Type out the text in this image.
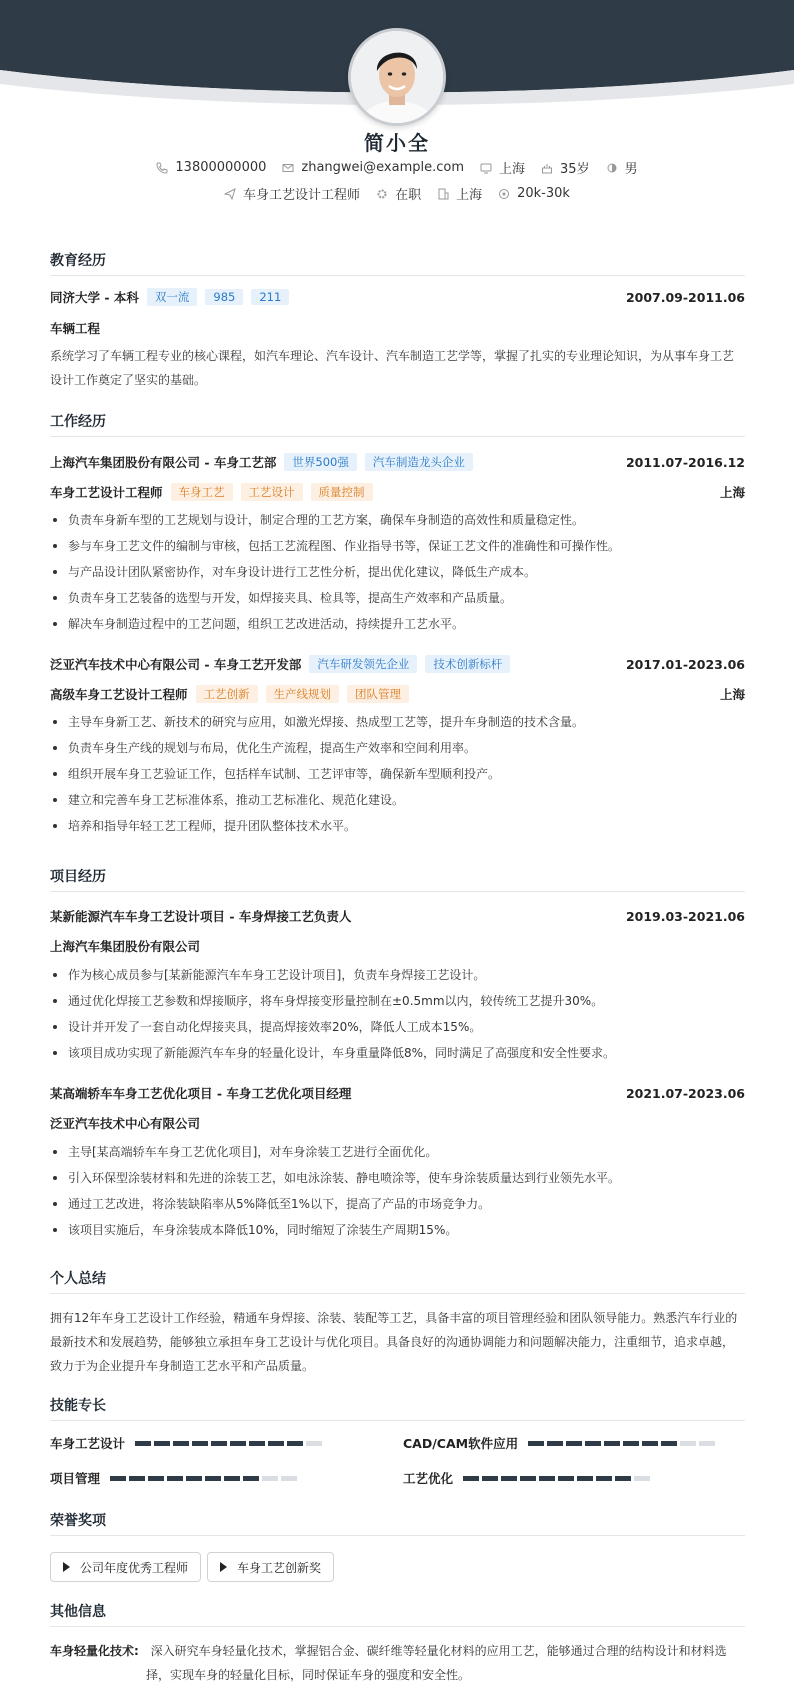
简小全
13800000000	zhangwei@example.com	上海	35岁	男
车身工艺设计工程师	在职	上海	20k-30k
教育经历
同济大学 - 本科	双一流	985	211	2007.09-2011.06
车辆工程
系统学习了车辆工程专业的核心课程，如汽车理论、汽车设计、汽车制造工艺学等，掌握了扎实的专业理论知识，为从事车身工艺设计工作奠定了坚实的基础。
工作经历
上海汽车集团股份有限公司 - 车身工艺部	世界500强	汽车制造龙头企业	2011.07-2016.12
车身工艺设计工程师	车身工艺	工艺设计	质量控制	上海
负责车身新车型的工艺规划与设计，制定合理的工艺方案，确保车身制造的高效性和质量稳定性。
参与车身工艺文件的编制与审核，包括工艺流程图、作业指导书等，保证工艺文件的准确性和可操作性。
与产品设计团队紧密协作，对车身设计进行工艺性分析，提出优化建议，降低生产成本。
负责车身工艺装备的选型与开发，如焊接夹具、检具等，提高生产效率和产品质量。
解决车身制造过程中的工艺问题，组织工艺改进活动，持续提升工艺水平。
泛亚汽车技术中心有限公司 - 车身工艺开发部	汽车研发领先企业	技术创新标杆	2017.01-2023.06
高级车身工艺设计工程师	工艺创新	生产线规划	团队管理	上海
主导车身新工艺、新技术的研究与应用，如激光焊接、热成型工艺等，提升车身制造的技术含量。
负责车身生产线的规划与布局，优化生产流程，提高生产效率和空间利用率。
组织开展车身工艺验证工作，包括样车试制、工艺评审等，确保新车型顺利投产。
建立和完善车身工艺标准体系，推动工艺标准化、规范化建设。
培养和指导年轻工艺工程师，提升团队整体技术水平。
项目经历
某新能源汽车车身工艺设计项目 - 车身焊接工艺负责人	2019.03-2021.06
上海汽车集团股份有限公司
作为核心成员参与[某新能源汽车车身工艺设计项目]，负责车身焊接工艺设计。
通过优化焊接工艺参数和焊接顺序，将车身焊接变形量控制在±0.5mm以内，较传统工艺提升30%。
设计并开发了一套自动化焊接夹具，提高焊接效率20%，降低人工成本15%。
该项目成功实现了新能源汽车车身的轻量化设计，车身重量降低8%，同时满足了高强度和安全性要求。
某高端轿车车身工艺优化项目 - 车身工艺优化项目经理	2021.07-2023.06
泛亚汽车技术中心有限公司
主导[某高端轿车车身工艺优化项目]，对车身涂装工艺进行全面优化。
引入环保型涂装材料和先进的涂装工艺，如电泳涂装、静电喷涂等，使车身涂装质量达到行业领先水平。
通过工艺改进，将涂装缺陷率从5%降低至1%以下，提高了产品的市场竞争力。
该项目实施后，车身涂装成本降低10%，同时缩短了涂装生产周期15%。
个人总结
拥有12年车身工艺设计工作经验，精通车身焊接、涂装、装配等工艺，具备丰富的项目管理经验和团队领导能力。熟悉汽车行业的最新技术和发展趋势，能够独立承担车身工艺设计与优化项目。具备良好的沟通协调能力和问题解决能力，注重细节，追求卓越，致力于为企业提升车身制造工艺水平和产品质量。
技能专长
车身工艺设计	CAD/CAM软件应用
项目管理	工艺优化
荣誉奖项
公司年度优秀工程师	车身工艺创新奖
其他信息
车身轻量化技术: 深入研究车身轻量化技术，掌握铝合金、碳纤维等轻量化材料的应用工艺，能够通过合理的结构设计和材料选
择，实现车身的轻量化目标，同时保证车身的强度和安全性。
